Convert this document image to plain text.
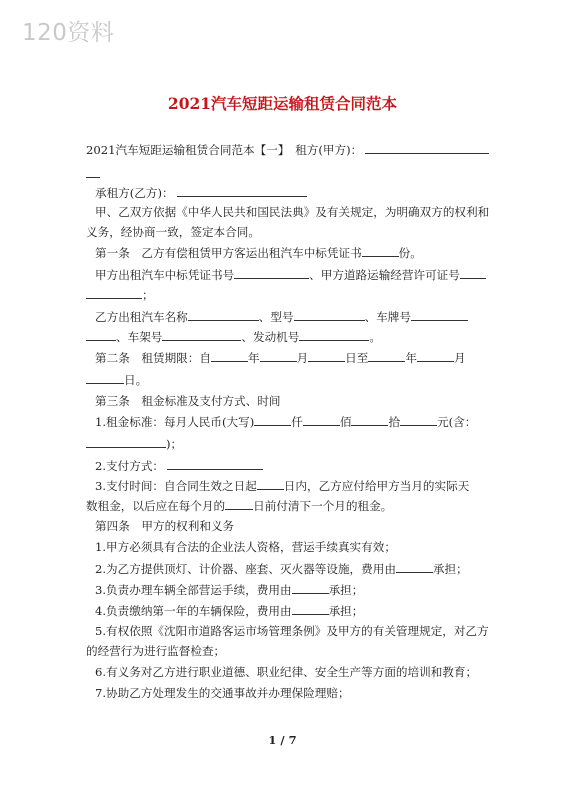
120资料
2021汽车短距运输租赁合同范本
2021汽车短距运输租赁合同范本【一】　租方(甲方)：
承租方(乙方)：
甲、乙双方依据《中华人民共和国民法典》及有关规定，为明确双方的权利和
义务，经协商一致，签定本合同。
第一条　乙方有偿租赁甲方客运出租汽车中标凭证书	份。
甲方出租汽车中标凭证书号	、甲方道路运输经营许可证号
；
乙方出租汽车名称	、型号	、车牌号
、车架号	、发动机号	。
第二条　租赁期限：自	年	月	日至	年	月
日。
第三条　租金标准及支付方式、时间
1.租金标准：每月人民币(大写)	仟	佰	拾	元(含：
)；
2.支付方式：
3.支付时间：自合同生效之日起 日内，乙方应付给甲方当月的实际天
数租金，以后应在每个月的 日前付清下一个月的租金。
第四条　甲方的权利和义务
1.甲方必须具有合法的企业法人资格，营运手续真实有效；
2.为乙方提供顶灯、计价器、座套、灭火器等设施，费用由	承担；
3.负责办理车辆全部营运手续，费用由	承担；
4.负责缴纳第一年的车辆保险，费用由	承担；
5.有权依照《沈阳市道路客运市场管理条例》及甲方的有关管理规定，对乙方
的经营行为进行监督检查；
6.有义务对乙方进行职业道德、职业纪律、安全生产等方面的培训和教育；
7.协助乙方处理发生的交通事故并办理保险理赔；
1 / 7
